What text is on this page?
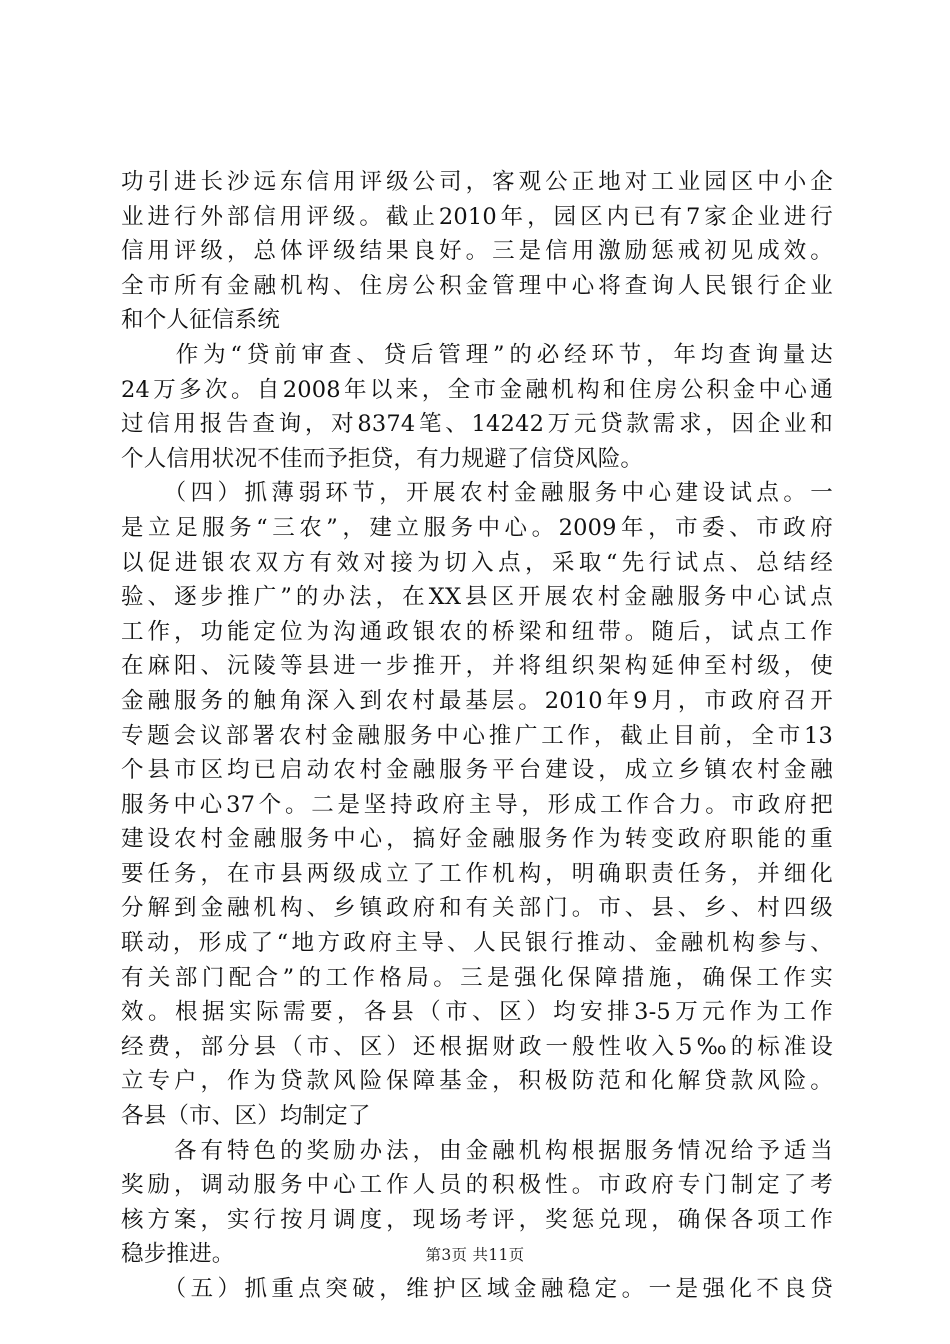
功引进长沙远东信用评级公司，客观公正地对工业园区中小企
业进行外部信用评级。截止2010年，园区内已有7家企业进行
信用评级，总体评级结果良好。三是信用激励惩戒初见成效。
全市所有金融机构、住房公积金管理中心将查询人民银行企业
和个人征信系统
　　作为“贷前审查、贷后管理”的必经环节，年均查询量达
24万多次。自2008年以来，全市金融机构和住房公积金中心通
过信用报告查询，对8374笔、14242万元贷款需求，因企业和
个人信用状况不佳而予拒贷，有力规避了信贷风险。
　　（四）抓薄弱环节，开展农村金融服务中心建设试点。一
是立足服务“三农”，建立服务中心。2009年，市委、市政府
以促进银农双方有效对接为切入点，采取“先行试点、总结经
验、逐步推广”的办法，在XX县区开展农村金融服务中心试点
工作，功能定位为沟通政银农的桥梁和纽带。随后，试点工作
在麻阳、沅陵等县进一步推开，并将组织架构延伸至村级，使
金融服务的触角深入到农村最基层。2010年9月，市政府召开
专题会议部署农村金融服务中心推广工作，截止目前，全市13
个县市区均已启动农村金融服务平台建设，成立乡镇农村金融
服务中心37个。二是坚持政府主导，形成工作合力。市政府把
建设农村金融服务中心，搞好金融服务作为转变政府职能的重
要任务，在市县两级成立了工作机构，明确职责任务，并细化
分解到金融机构、乡镇政府和有关部门。市、县、乡、村四级
联动，形成了“地方政府主导、人民银行推动、金融机构参与、
有关部门配合”的工作格局。三是强化保障措施，确保工作实
效。根据实际需要，各县（市、区）均安排3-5万元作为工作
经费，部分县（市、区）还根据财政一般性收入5‰的标准设
立专户，作为贷款风险保障基金，积极防范和化解贷款风险。
各县（市、区）均制定了
　　各有特色的奖励办法，由金融机构根据服务情况给予适当
奖励，调动服务中心工作人员的积极性。市政府专门制定了考
核方案，实行按月调度，现场考评，奖惩兑现，确保各项工作
稳步推进。
　　（五）抓重点突破，维护区域金融稳定。一是强化不良贷
第3页 共11页
